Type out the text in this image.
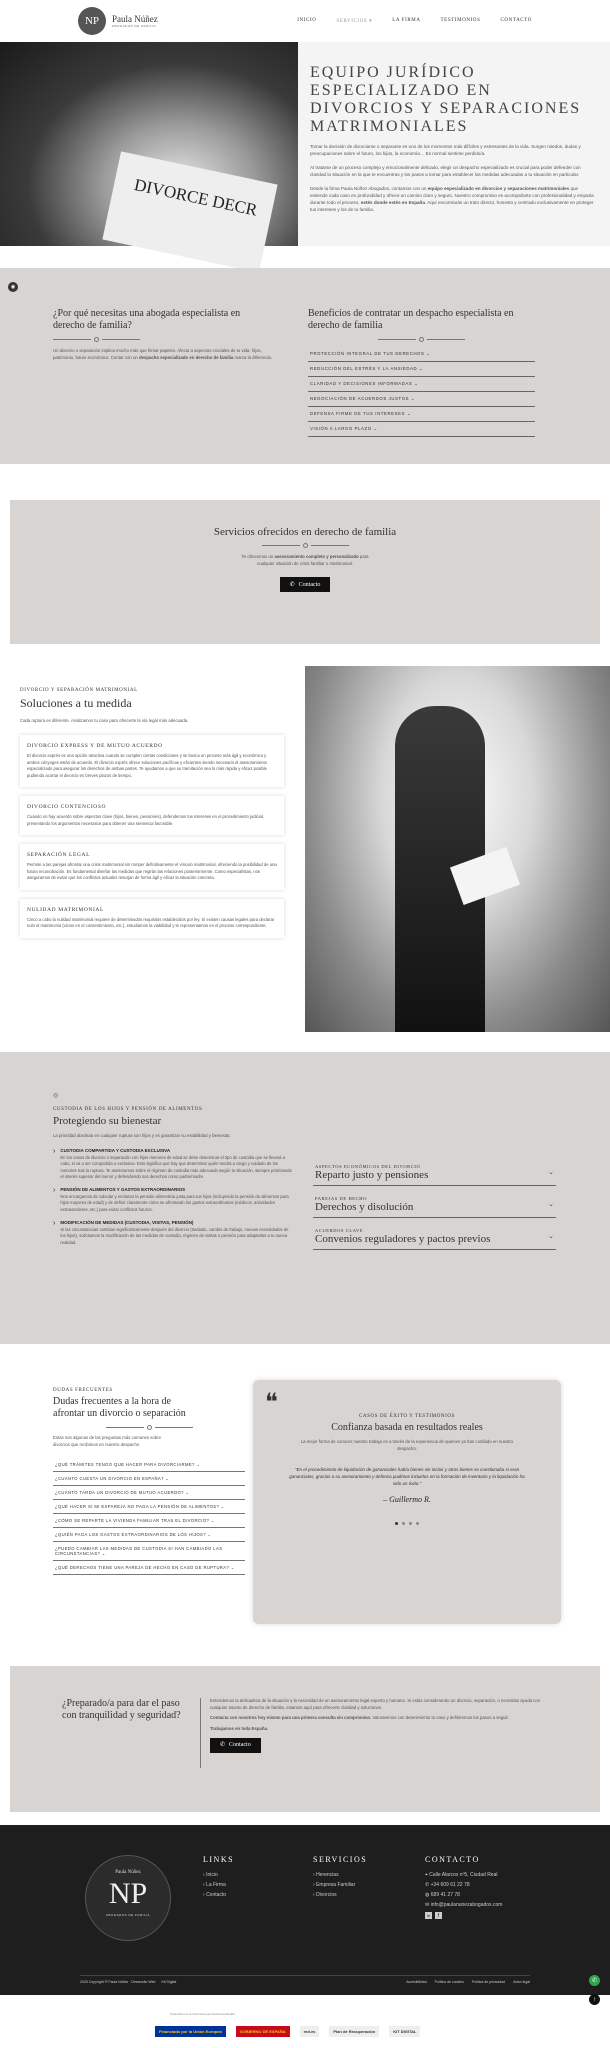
NP	Paula Núñez
ABOGADOS DE FAMILIA
INICIO	SERVICIOS ▾	LA FIRMA	TESTIMONIOS	CONTACTO
DIVORCE DECR
EQUIPO JURÍDICO ESPECIALIZADO EN DIVORCIOS Y SEPARACIONES MATRIMONIALES

Tomar la decisión de divorciarse o separarse es uno de los momentos más difíciles y estresantes de la vida. Surgen miedos, dudas y preocupaciones sobre el futuro, los hijos, la economía… Es normal sentirse perdido/a.

Al tratarse de un proceso complejo y emocionalmente delicado, elegir un despacho especializado es crucial para poder defender con claridad la situación en la que te encuentras y los pasos a tomar para establecer las medidas adecuadas a tu situación en particular.

Desde la firma Paula Núñez Abogados, contamos con un equipo especializado en divorcios y separaciones matrimoniales que entiende cada caso en profundidad y ofrece un camino claro y seguro. Nuestro compromiso es acompañarte con profesionalidad y empatía durante todo el proceso, estés donde estés en España. Aquí encontrarás un trato directo, honesto y centrado exclusivamente en proteger tus intereses y los de tu familia.

◉
¿Por qué necesitas una abogada especialista en derecho de familia?

Un divorcio o separación implica mucho más que firmar papeles. Afecta a aspectos cruciales de tu vida: hijos, patrimonio, futuro económico. Contar con un despacho especializado en derecho de familia marca la diferencia.

Beneficios de contratar un despacho especialista en derecho de familia
PROTECCIÓN INTEGRAL DE TUS DERECHOS ⌄
REDUCCIÓN DEL ESTRÉS Y LA ANSIEDAD ⌄
CLARIDAD Y DECISIONES INFORMADAS ⌄
NEGOCIACIÓN DE ACUERDOS JUSTOS ⌄
DEFENSA FIRME DE TUS INTERESES ⌄
VISIÓN A LARGO PLAZO ⌄
Servicios ofrecidos en derecho de familia

Te ofrecemos un asesoramiento completo y personalizado para cualquier situación de crisis familiar o matrimonial.

✆ Contacto
DIVORCIO Y SEPARACIÓN MATRIMONIAL
Soluciones a tu medida

Cada ruptura es diferente. Analizamos tu caso para ofrecerte la vía legal más adecuada.

DIVORCIO EXPRESS Y DE MUTUO ACUERDO

El divorcio exprés es una opción atractiva cuando se cumplen ciertas condiciones y se busca un proceso más ágil y económico y ambos cónyuges están de acuerdo. El divorcio exprés ofrece soluciones pacíficas y eficientes siendo necesario el asesoramiento especializado para asegurar los derechos de ambas partes. Te ayudamos a que su tramitación sea lo más rápida y eficaz posible pudiendo acortar el divorcio en breves plazos de tiempo.

DIVORCIO CONTENCIOSO

Cuando no hay acuerdo sobre aspectos clave (hijos, bienes, pensiones), defendemos tus intereses en el procedimiento judicial, presentando los argumentos necesarios para obtener una sentencia favorable.

SEPARACIÓN LEGAL

Permite a las parejas afrontar una crisis matrimonial sin romper definitivamente el vínculo matrimonial, ofreciendo la posibilidad de una futura reconciliación. Es fundamental diseñar las medidas que regirán las relaciones posteriormente. Como especialistas, nos aseguramos de evitar que los conflictos actuales resurjan de forma ágil y eficaz la situación concreta.

NULIDAD MATRIMONIAL

Cinco a cabo la nulidad matrimonial requiere de determinados requisitos establecidos por ley. Si existen causas legales para declarar nulo el matrimonio (vicios en el consentimiento, etc.), estudiamos la viabilidad y te representamos en el proceso correspondiente.

◎
CUSTODIA DE LOS HIJOS Y PENSIÓN DE ALIMENTOS
Protegiendo su bienestar

La prioridad absoluta en cualquier ruptura son hijos y es garantizar su estabilidad y bienestar.

› CUSTODIA COMPARTIDA Y CUSTODIA EXCLUSIVA
En los casos de divorcio o separación con hijos menores de edad se debe determinar el tipo de custodia que se llevará a cabo, si va a ser compartida o exclusiva. Esto significa que hay que determinar quién tendrá a cargo y cuidado de los menores tras la ruptura. Te asesoramos sobre el régimen de custodia más adecuado según tu situación, siempre priorizando el interés superior del menor y defendiendo sus derechos como padre/madre.
› PENSIÓN DE ALIMENTOS Y GASTOS EXTRAORDINARIOS
Nos encargamos de calcular y reclamar la pensión alimenticia justa para tus hijos (incluyendo la pensión de alimentos para hijos mayores de edad) y de definir claramente cómo se afrontarán los gastos extraordinarios (médicos, actividades extraescolares, etc.) para evitar conflictos futuros.
› MODIFICACIÓN DE MEDIDAS (CUSTODIA, VISITAS, PENSIÓN)
Si las circunstancias cambian significativamente después del divorcio (traslado, cambio de trabajo, nuevas necesidades de los hijos), solicitamos la modificación de las medidas de custodia, régimen de visitas o pensión para adaptarlas a tu nueva realidad.
ASPECTOS ECONÓMICOS DEL DIVORCIO
Reparto justo y pensiones	⌄
PAREJAS DE HECHO
Derechos y disolución	⌄
ACUERDOS CLAVE
Convenios reguladores y pactos previos	⌄
DUDAS FRECUENTES
Dudas frecuentes a la hora de afrontar un divorcio o separación

Estas son algunas de las preguntas más comunes sobre divorcios que recibimos en nuestro despacho

¿QUÉ TRÁMITES TENGO QUE HACER PARA DIVORCIARME? ⌄
¿CUÁNTO CUESTA UN DIVORCIO EN ESPAÑA? ⌄
¿CUÁNTO TARDA UN DIVORCIO DE MUTUO ACUERDO? ⌄
¿QUÉ HACER SI MI EXPAREJA NO PAGA LA PENSIÓN DE ALIMENTOS? ⌄
¿CÓMO SE REPARTE LA VIVIENDA FAMILIAR TRAS EL DIVORCIO? ⌄
¿QUIÉN PAGA LOS GASTOS EXTRAORDINARIOS DE LOS HIJOS? ⌄
¿PUEDO CAMBIAR LAS MEDIDAS DE CUSTODIA SI HAN CAMBIADO LAS CIRCUNSTANCIAS? ⌄
¿QUÉ DERECHOS TIENE UNA PAREJA DE HECHO EN CASO DE RUPTURA? ⌄
❝
CASOS DE ÉXITO Y TESTIMONIOS
Confianza basada en resultados reales

La mejor forma de conocer nuestro trabajo es a través de la experiencia de quienes ya han confiado en nuestro despacho.

"En el procedimiento de liquidación de gananciales había bienes sin incluir y otros bienes se cuestionaba si eran gananciales, gracias a su asesoramiento y defensa pudimos incluirlos en la formación de inventario y la liquidación ha sido un éxito."

– Guillermo R.

¿Preparado/a para dar el paso con tranquilidad y seguridad?

Entendemos la delicadeza de la situación y la necesidad de un asesoramiento legal experto y humano. Si estás considerando un divorcio, separación, o necesitas ayuda con cualquier asunto de derecho de familia, estamos aquí para ofrecerte claridad y soluciones.

Contacta con nosotros hoy mismo para una primera consulta sin compromiso. Valoraremos con detenimiento tu caso y definiremos los pasos a seguir.

Trabajamos en toda España.

✆ Contacto
Paula Núñez
NP
ABOGADOS DE FAMILIA
LINKS
› Inicio
› La Firma
› Contacto
SERVICIOS
› Herencias
› Empresa Familiar
› Divorcios
CONTACTO
⌖ Calle Alarcos nº5, Ciudad Real
✆ +34 609 61 22 78
◍ 689 41 27 78
✉ info@paulanunezabogados.com
in	f
2025 Copyright ® Paula Núñez · Desarrollo Web Kit Digital	Accesibilidad Política de cookies Política de privacidad Aviso legal	✆
↑
Financiado por la Unión Europea NextGenerationEU
Financiado por la Unión Europea	GOBIERNO DE ESPAÑA	red.es	Plan de Recuperación	KIT DIGITAL
